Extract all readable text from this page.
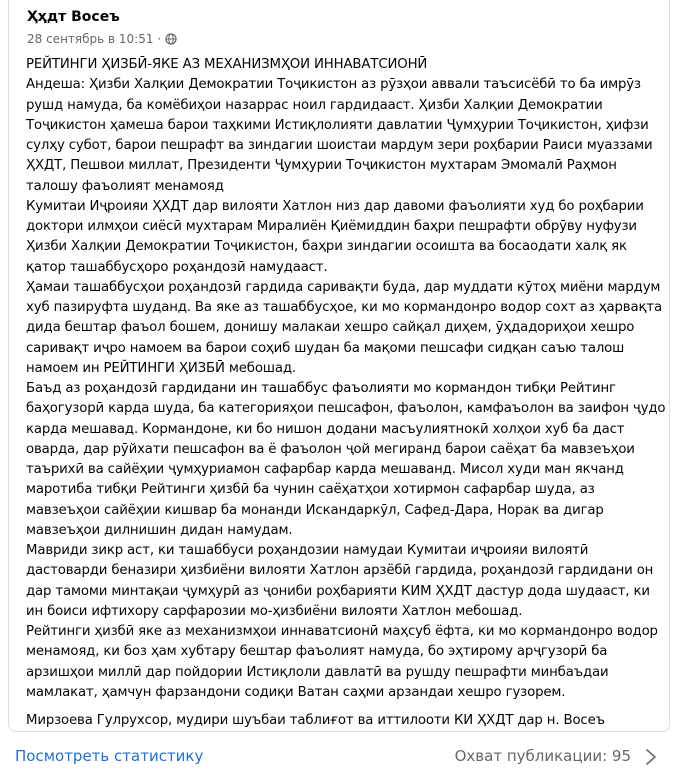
Ҳҳдт Восеъ
28 сентябрь в 10:51 ·

РЕЙТИНГИ ҲИЗБӢ-ЯКЕ АЗ МЕХАНИЗМҲОИ ИННАВАТСИОНӢ
Андеша: Ҳизби Халқии Демократии Тоҷикистон аз рӯзҳои аввали таъсисёбӣ то ба имрӯз рушд намуда, ба комёбиҳои назаррас ноил гардидааст. Ҳизби Халқии Демократии Тоҷикистон ҳамеша барои таҳкими Истиқлолияти давлатии Ҷумҳурии Тоҷикистон, ҳифзи сулҳу субот, барои пешрафт ва зиндагии шоистаи мардум зери роҳбарии Раиси муаззами ҲХДТ, Пешвои миллат, Президенти Ҷумҳурии Тоҷикистон мухтарам Эмомалӣ Раҳмон талошу фаъолият менамояд

Кумитаи Иҷроияи ҲХДТ дар вилояти Хатлон низ дар давоми фаъолияти худ бо роҳбарии доктори илмҳои сиёсӣ мухтарам Миралиён Қиёмиддин баҳри пешрафти обрӯву нуфузи Ҳизби Халқии Демократии Тоҷикистон, баҳри зиндагии осоишта ва босаодати халқ як қатор ташаббусҳоро роҳандозӣ намудааст.

Ҳамаи ташаббусҳои роҳандозӣ гардида саривақти буда, дар муддати кӯтоҳ миёни мардум хуб пазируфта шуданд. Ва яке аз ташаббусҳое, ки мо кормандонро водор сохт аз ҳарвақта дида бештар фаъол бошем, донишу малакаи хешро сайқал диҳем, ӯҳдадориҳои хешро саривақт иҷро намоем ва барои соҳиб шудан ба мақоми пешсафи сидқан саъю талош намоем ин РЕЙТИНГИ ҲИЗБӢ мебошад.

Баъд аз роҳандозӣ гардидани ин ташаббус фаъолияти мо кормандон тибқи Рейтинг баҳогузорӣ карда шуда, ба категорияҳои пешсафон, фаъолон, камфаъолон ва заифон ҷудо карда мешавад. Кормандоне, ки бо нишон додани масъулиятнокӣ холҳои хуб ба даст оварда, дар рӯйхати пешсафон ва ё фаъолон ҷой мегиранд барои саёҳат ба мавзеъҳои таърихӣ ва сайёҳии ҷумҳуриамон сафарбар карда мешаванд. Мисол худи ман якчанд маротиба тибқи Рейтинги ҳизбӣ ба чунин саёҳатҳои хотирмон сафарбар шуда, аз мавзеъҳои сайёҳии кишвар ба монанди Искандаркӯл, Сафед-Дара, Норак ва дигар мавзеъҳои дилнишин дидан намудам.

Мавриди зикр аст, ки ташаббуси роҳандозии намудаи Кумитаи иҷроияи вилоятӣ дастоварди беназири ҳизбиёни вилояти Хатлон арзёбӣ гардида, роҳандозӣ гардидани он дар тамоми минтақаи ҷумҳурӣ аз ҷониби роҳбарияти КИМ ҲХДТ дастур дода шудааст, ки ин боиси ифтихору сарфарозии мо-ҳизбиёни вилояти Хатлон мебошад.

Рейтинги ҳизбӣ яке аз механизмҳои иннаватсионӣ маҳсуб ёфта, ки мо кормандонро водор менамояд, ки боз ҳам хубтару бештар фаъолият намуда, бо эҳтиромy арҷгузорӣ ба арзишҳои миллӣ дар пойдории Истиқлоли давлатӣ ва рушду пешрафти минбаъдаи мамлакат, ҳамчун фарзандони содиқи Ватан саҳми арзандаи хешро гузорем.

Мирзоева Гулрухсор, мудири шуъбаи таблиғот ва иттилооти КИ ҲХДТ дар н. Восеъ

Посмотреть статистику	Охват публикации: 95
